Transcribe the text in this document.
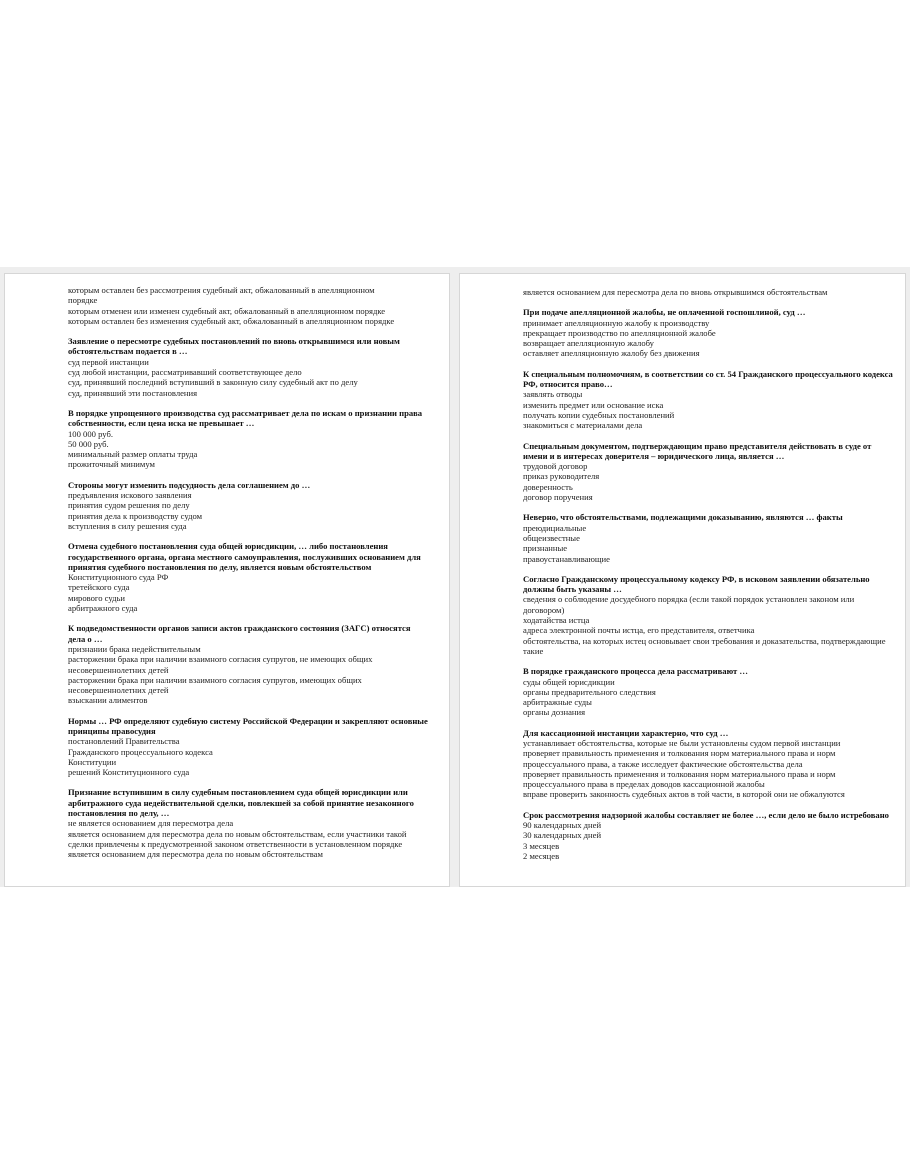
которым оставлен без рассмотрения судебный акт, обжалованный в апелляционном
порядке
которым отменен или изменен судебный акт, обжалованный в апелляционном порядке
которым оставлен без изменения судебный акт, обжалованный в апелляционном порядке
Заявление о пересмотре судебных постановлений по вновь открывшимся или новым обстоятельствам подается в …
суд первой инстанции
суд любой инстанции, рассматривавший соответствующее дело
суд, принявший последний вступивший в законную силу судебный акт по делу
суд, принявший эти постановления
В порядке упрощенного производства суд рассматривает дела по искам о признании права собственности, если цена иска не превышает …
100 000 руб.
50 000 руб.
минимальный размер оплаты труда
прожиточный минимум
Стороны могут изменить подсудность дела соглашением до …
предъявления искового заявления
принятия судом решения по делу
принятия дела к производству судом
вступления в силу решения суда
Отмена судебного постановления суда общей юрисдикции, … либо постановления государственного органа, органа местного самоуправления, послуживших основанием для принятия судебного постановления по делу, является новым обстоятельством
Конституционного суда РФ
третейского суда
мирового судьи
арбитражного суда
К подведомственности органов записи актов гражданского состояния (ЗАГС) относятся дела о …
признании брака недействительным
расторжении брака при наличии взаимного согласия супругов, не имеющих общих несовершеннолетних детей
расторжении брака при наличии взаимного согласия супругов, имеющих общих несовершеннолетних детей
взыскании алиментов
Нормы … РФ определяют судебную систему Российской Федерации и закрепляют основные принципы правосудия
постановлений Правительства
Гражданского процессуального кодекса
Конституции
решений Конституционного суда
Признание вступившим в силу судебным постановлением суда общей юрисдикции или арбитражного суда недействительной сделки, повлекшей за собой принятие незаконного постановления по делу, …
не является основанием для пересмотра дела
является основанием для пересмотра дела по новым обстоятельствам, если участники такой сделки привлечены к предусмотренной законом ответственности в установленном порядке
является основанием для пересмотра дела по новым обстоятельствам
является основанием для пересмотра дела по вновь открывшимся обстоятельствам
При подаче апелляционной жалобы, не оплаченной госпошлиной, суд …
принимает апелляционную жалобу к производству
прекращает производство по апелляционной жалобе
возвращает апелляционную жалобу
оставляет апелляционную жалобу без движения
К специальным полномочиям, в соответствии со ст. 54 Гражданского процессуального кодекса РФ, относится право…
заявлять отводы
изменить предмет или основание иска
получать копии судебных постановлений
знакомиться с материалами дела
Специальным документом, подтверждающим право представителя действовать в суде от имени и в интересах доверителя – юридического лица, является …
трудовой договор
приказ руководителя
доверенность
договор поручения
Неверно, что обстоятельствами, подлежащими доказыванию, являются … факты
преюдициальные
общеизвестные
признанные
правоустанавливающие
Согласно Гражданскому процессуальному кодексу РФ, в исковом заявлении обязательно должны быть указаны …
сведения о соблюдение досудебного порядка (если такой порядок установлен законом или договором)
ходатайства истца
адреса электронной почты истца, его представителя, ответчика
обстоятельства, на которых истец основывает свои требования и доказательства, подтверждающие такие
В порядке гражданского процесса дела рассматривают …
суды общей юрисдикции
органы предварительного следствия
арбитражные суды
органы дознания
Для кассационной инстанции характерно, что суд …
устанавливает обстоятельства, которые не были установлены судом первой инстанции
проверяет правильность применения и толкования норм материального права и норм процессуального права, а также исследует фактические обстоятельства дела
проверяет правильность применения и толкования норм материального права и норм процессуального права в пределах доводов кассационной жалобы
вправе проверить законность судебных актов в той части, в которой они не обжалуются
Срок рассмотрения надзорной жалобы составляет не более …, если дело не было истребовано
90 календарных дней
30 календарных дней
3 месяцев
2 месяцев
